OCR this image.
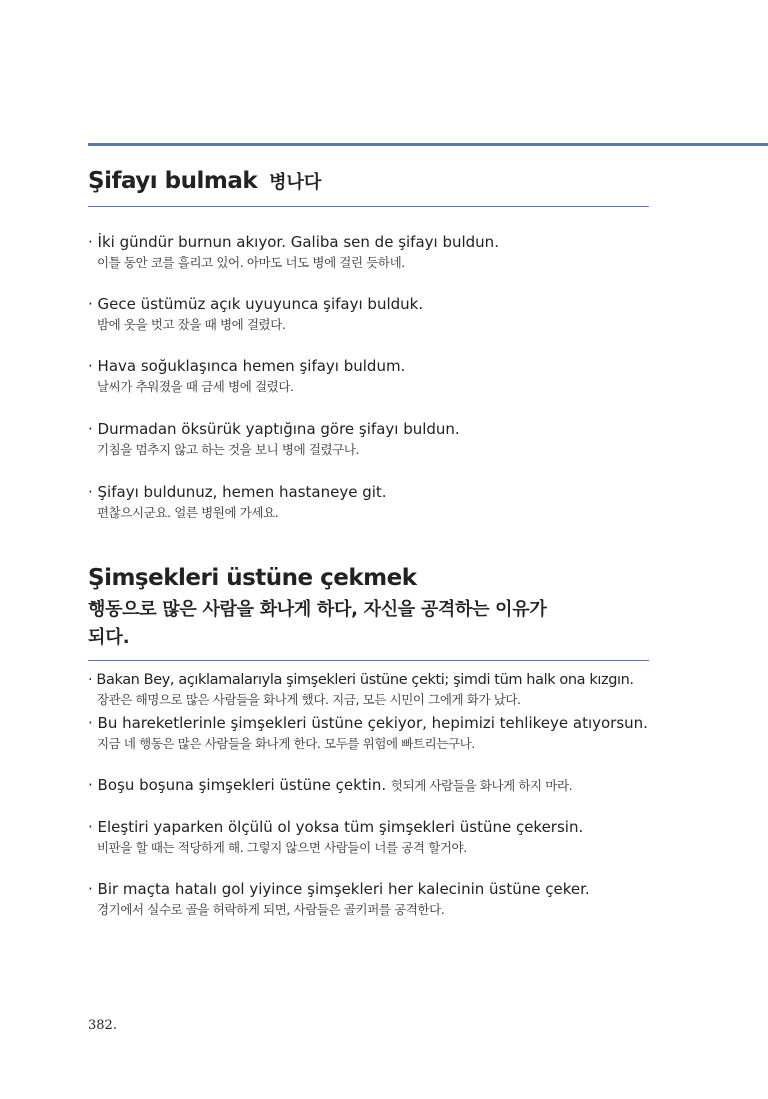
Şifayı bulmak 병나다
· İki gündür burnun akıyor. Galiba sen de şifayı buldun.
이틀 동안 코를 흘리고 있어. 아마도 너도 병에 걸린 듯하네.
· Gece üstümüz açık uyuyunca şifayı bulduk.
밤에 옷을 벗고 잤을 때 병에 걸렸다.
· Hava soğuklaşınca hemen şifayı buldum.
날씨가 추워졌을 때 금세 병에 걸렸다.
· Durmadan öksürük yaptığına göre şifayı buldun.
기침을 멈추지 않고 하는 것을 보니 병에 걸렸구나.
· Şifayı buldunuz, hemen hastaneye git.
편찮으시군요. 얼른 병원에 가세요.
Şimşekleri üstüne çekmek
행동으로 많은 사람을 화나게 하다, 자신을 공격하는 이유가
되다.
· Bakan Bey, açıklamalarıyla şimşekleri üstüne çekti; şimdi tüm halk ona kızgın.
장관은 해명으로 많은 사람들을 화나게 했다. 지금, 모든 시민이 그에게 화가 났다.
· Bu hareketlerinle şimşekleri üstüne çekiyor, hepimizi tehlikeye atıyorsun.
지금 네 행동은 많은 사람들을 화나게 한다. 모두를 위험에 빠트리는구나.
· Boşu boşuna şimşekleri üstüne çektin. 헛되게 사람들을 화나게 하지 마라.
· Eleştiri yaparken ölçülü ol yoksa tüm şimşekleri üstüne çekersin.
비판을 할 때는 적당하게 해. 그렇지 않으면 사람들이 너를 공격 할거야.
· Bir maçta hatalı gol yiyince şimşekleri her kalecinin üstüne çeker.
경기에서 실수로 골을 허락하게 되면, 사람들은 골키퍼를 공격한다.
382.
